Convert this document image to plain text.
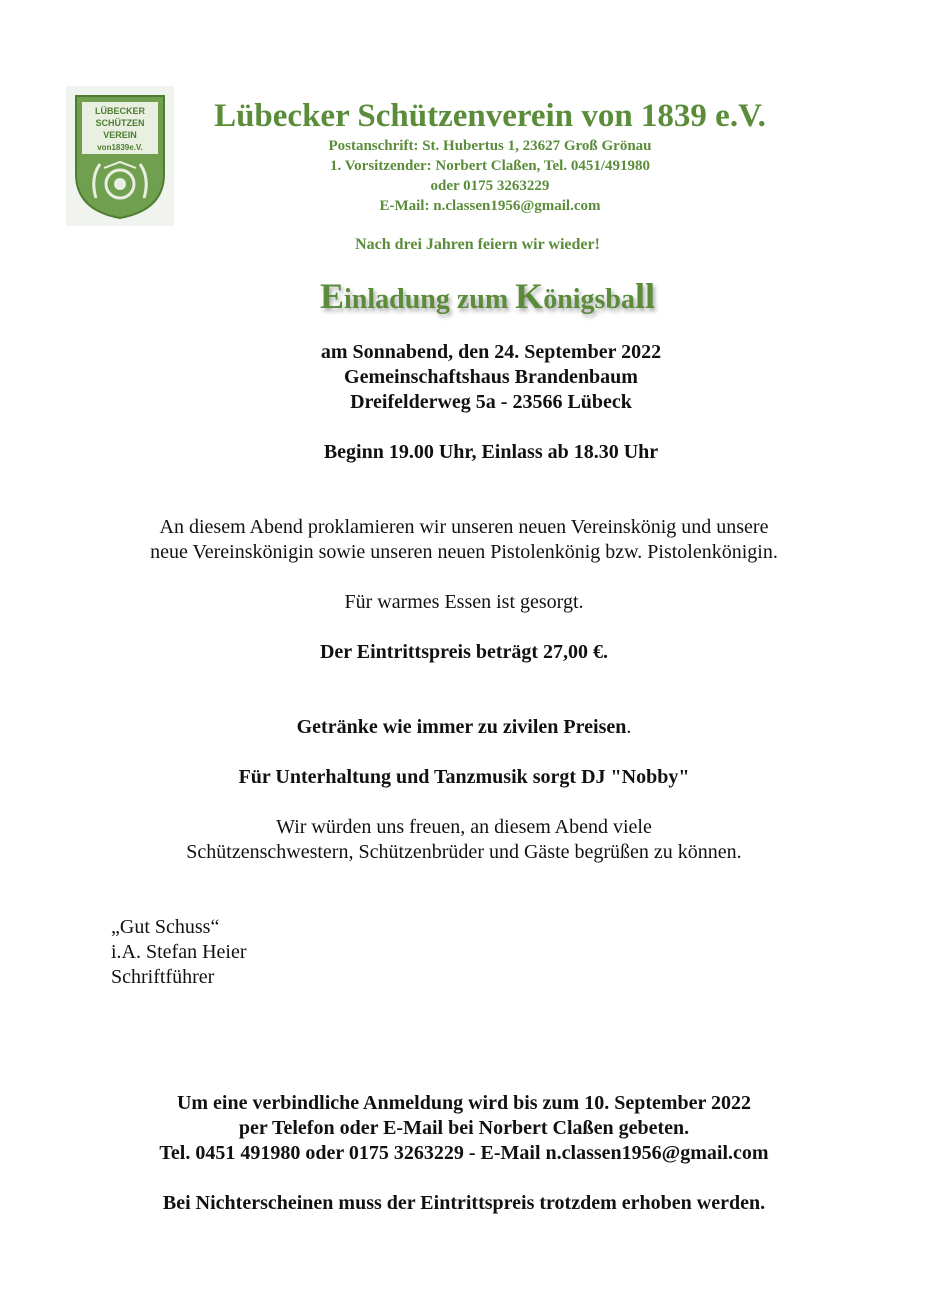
LÜBECKER
SCHÜTZEN
VEREIN
von1839e.V.

Lübecker Schützenverein von 1839 e.V.

Postanschrift: St. Hubertus 1, 23627 Groß Grönau

1. Vorsitzender: Norbert Claßen, Tel. 0451/491980

oder 0175 3263229

E-Mail: n.classen1956@gmail.com

Nach drei Jahren feiern wir wieder!
Einladung zum Königsball

am Sonnabend, den 24. September 2022

Gemeinschaftshaus Brandenbaum

Dreifelderweg 5a - 23566 Lübeck

Beginn 19.00 Uhr, Einlass ab 18.30 Uhr

An diesem Abend proklamieren wir unseren neuen Vereinskönig und unsere

neue Vereinskönigin sowie unseren neuen Pistolenkönig bzw. Pistolenkönigin.

Für warmes Essen ist gesorgt.
Der Eintrittspreis beträgt 27,00 €.
Getränke wie immer zu zivilen Preisen.
Für Unterhaltung und Tanzmusik sorgt DJ "Nobby"

Wir würden uns freuen, an diesem Abend viele

Schützenschwestern, Schützenbrüder und Gäste begrüßen zu können.

„Gut Schuss“

i.A. Stefan Heier

Schriftführer

Um eine verbindliche Anmeldung wird bis zum 10. September 2022

per Telefon oder E-Mail bei Norbert Claßen gebeten.

Tel. 0451 491980 oder 0175 3263229 - E-Mail n.classen1956@gmail.com

Bei Nichterscheinen muss der Eintrittspreis trotzdem erhoben werden.
